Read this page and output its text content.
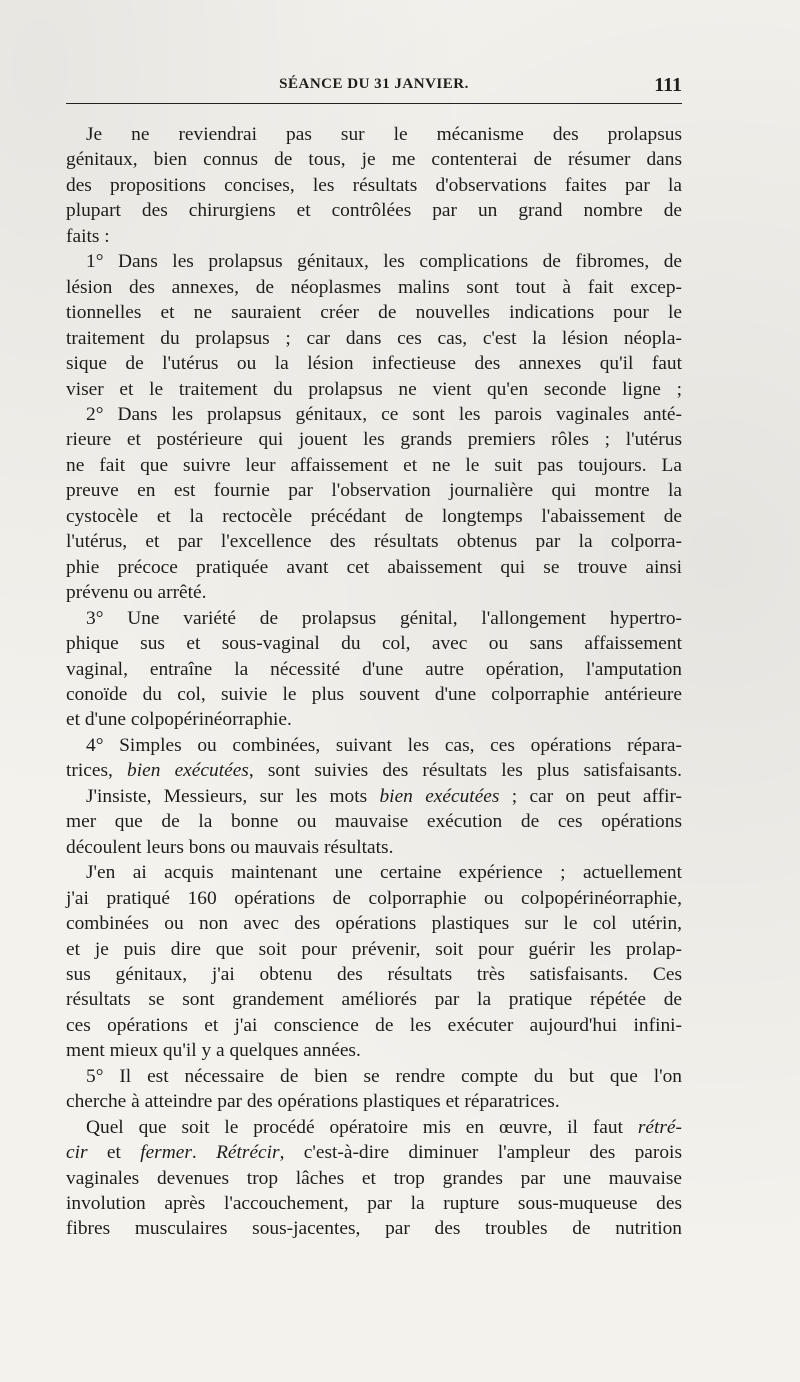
SÉANCE DU 31 JANVIER.	111

Je ne reviendrai pas sur le mécanisme des prolapsus

génitaux, bien connus de tous, je me contenterai de résumer dans

des propositions concises, les résultats d'observations faites par la

plupart des chirurgiens et contrôlées par un grand nombre de

faits :

1° Dans les prolapsus génitaux, les complications de fibromes, de

lésion des annexes, de néoplasmes malins sont tout à fait excep-

tionnelles et ne sauraient créer de nouvelles indications pour le

traitement du prolapsus ; car dans ces cas, c'est la lésion néopla-

sique de l'utérus ou la lésion infectieuse des annexes qu'il faut

viser et le traitement du prolapsus ne vient qu'en seconde ligne ;

2° Dans les prolapsus génitaux, ce sont les parois vaginales anté-

rieure et postérieure qui jouent les grands premiers rôles ; l'utérus

ne fait que suivre leur affaissement et ne le suit pas toujours. La

preuve en est fournie par l'observation journalière qui montre la

cystocèle et la rectocèle précédant de longtemps l'abaissement de

l'utérus, et par l'excellence des résultats obtenus par la colporra-

phie précoce pratiquée avant cet abaissement qui se trouve ainsi

prévenu ou arrêté.

3° Une variété de prolapsus génital, l'allongement hypertro-

phique sus et sous-vaginal du col, avec ou sans affaissement

vaginal, entraîne la nécessité d'une autre opération, l'amputation

conoïde du col, suivie le plus souvent d'une colporraphie antérieure

et d'une colpopérinéorraphie.

4° Simples ou combinées, suivant les cas, ces opérations répara-

trices, bien exécutées, sont suivies des résultats les plus satisfaisants.

J'insiste, Messieurs, sur les mots bien exécutées ; car on peut affir-

mer que de la bonne ou mauvaise exécution de ces opérations

découlent leurs bons ou mauvais résultats.

J'en ai acquis maintenant une certaine expérience ; actuellement

j'ai pratiqué 160 opérations de colporraphie ou colpopérinéorraphie,

combinées ou non avec des opérations plastiques sur le col utérin,

et je puis dire que soit pour prévenir, soit pour guérir les prolap-

sus génitaux, j'ai obtenu des résultats très satisfaisants. Ces

résultats se sont grandement améliorés par la pratique répétée de

ces opérations et j'ai conscience de les exécuter aujourd'hui infini-

ment mieux qu'il y a quelques années.

5° Il est nécessaire de bien se rendre compte du but que l'on

cherche à atteindre par des opérations plastiques et réparatrices.

Quel que soit le procédé opératoire mis en œuvre, il faut rétré-

cir et fermer. Rétrécir, c'est-à-dire diminuer l'ampleur des parois

vaginales devenues trop lâches et trop grandes par une mauvaise

involution après l'accouchement, par la rupture sous-muqueuse des

fibres musculaires sous-jacentes, par des troubles de nutrition
